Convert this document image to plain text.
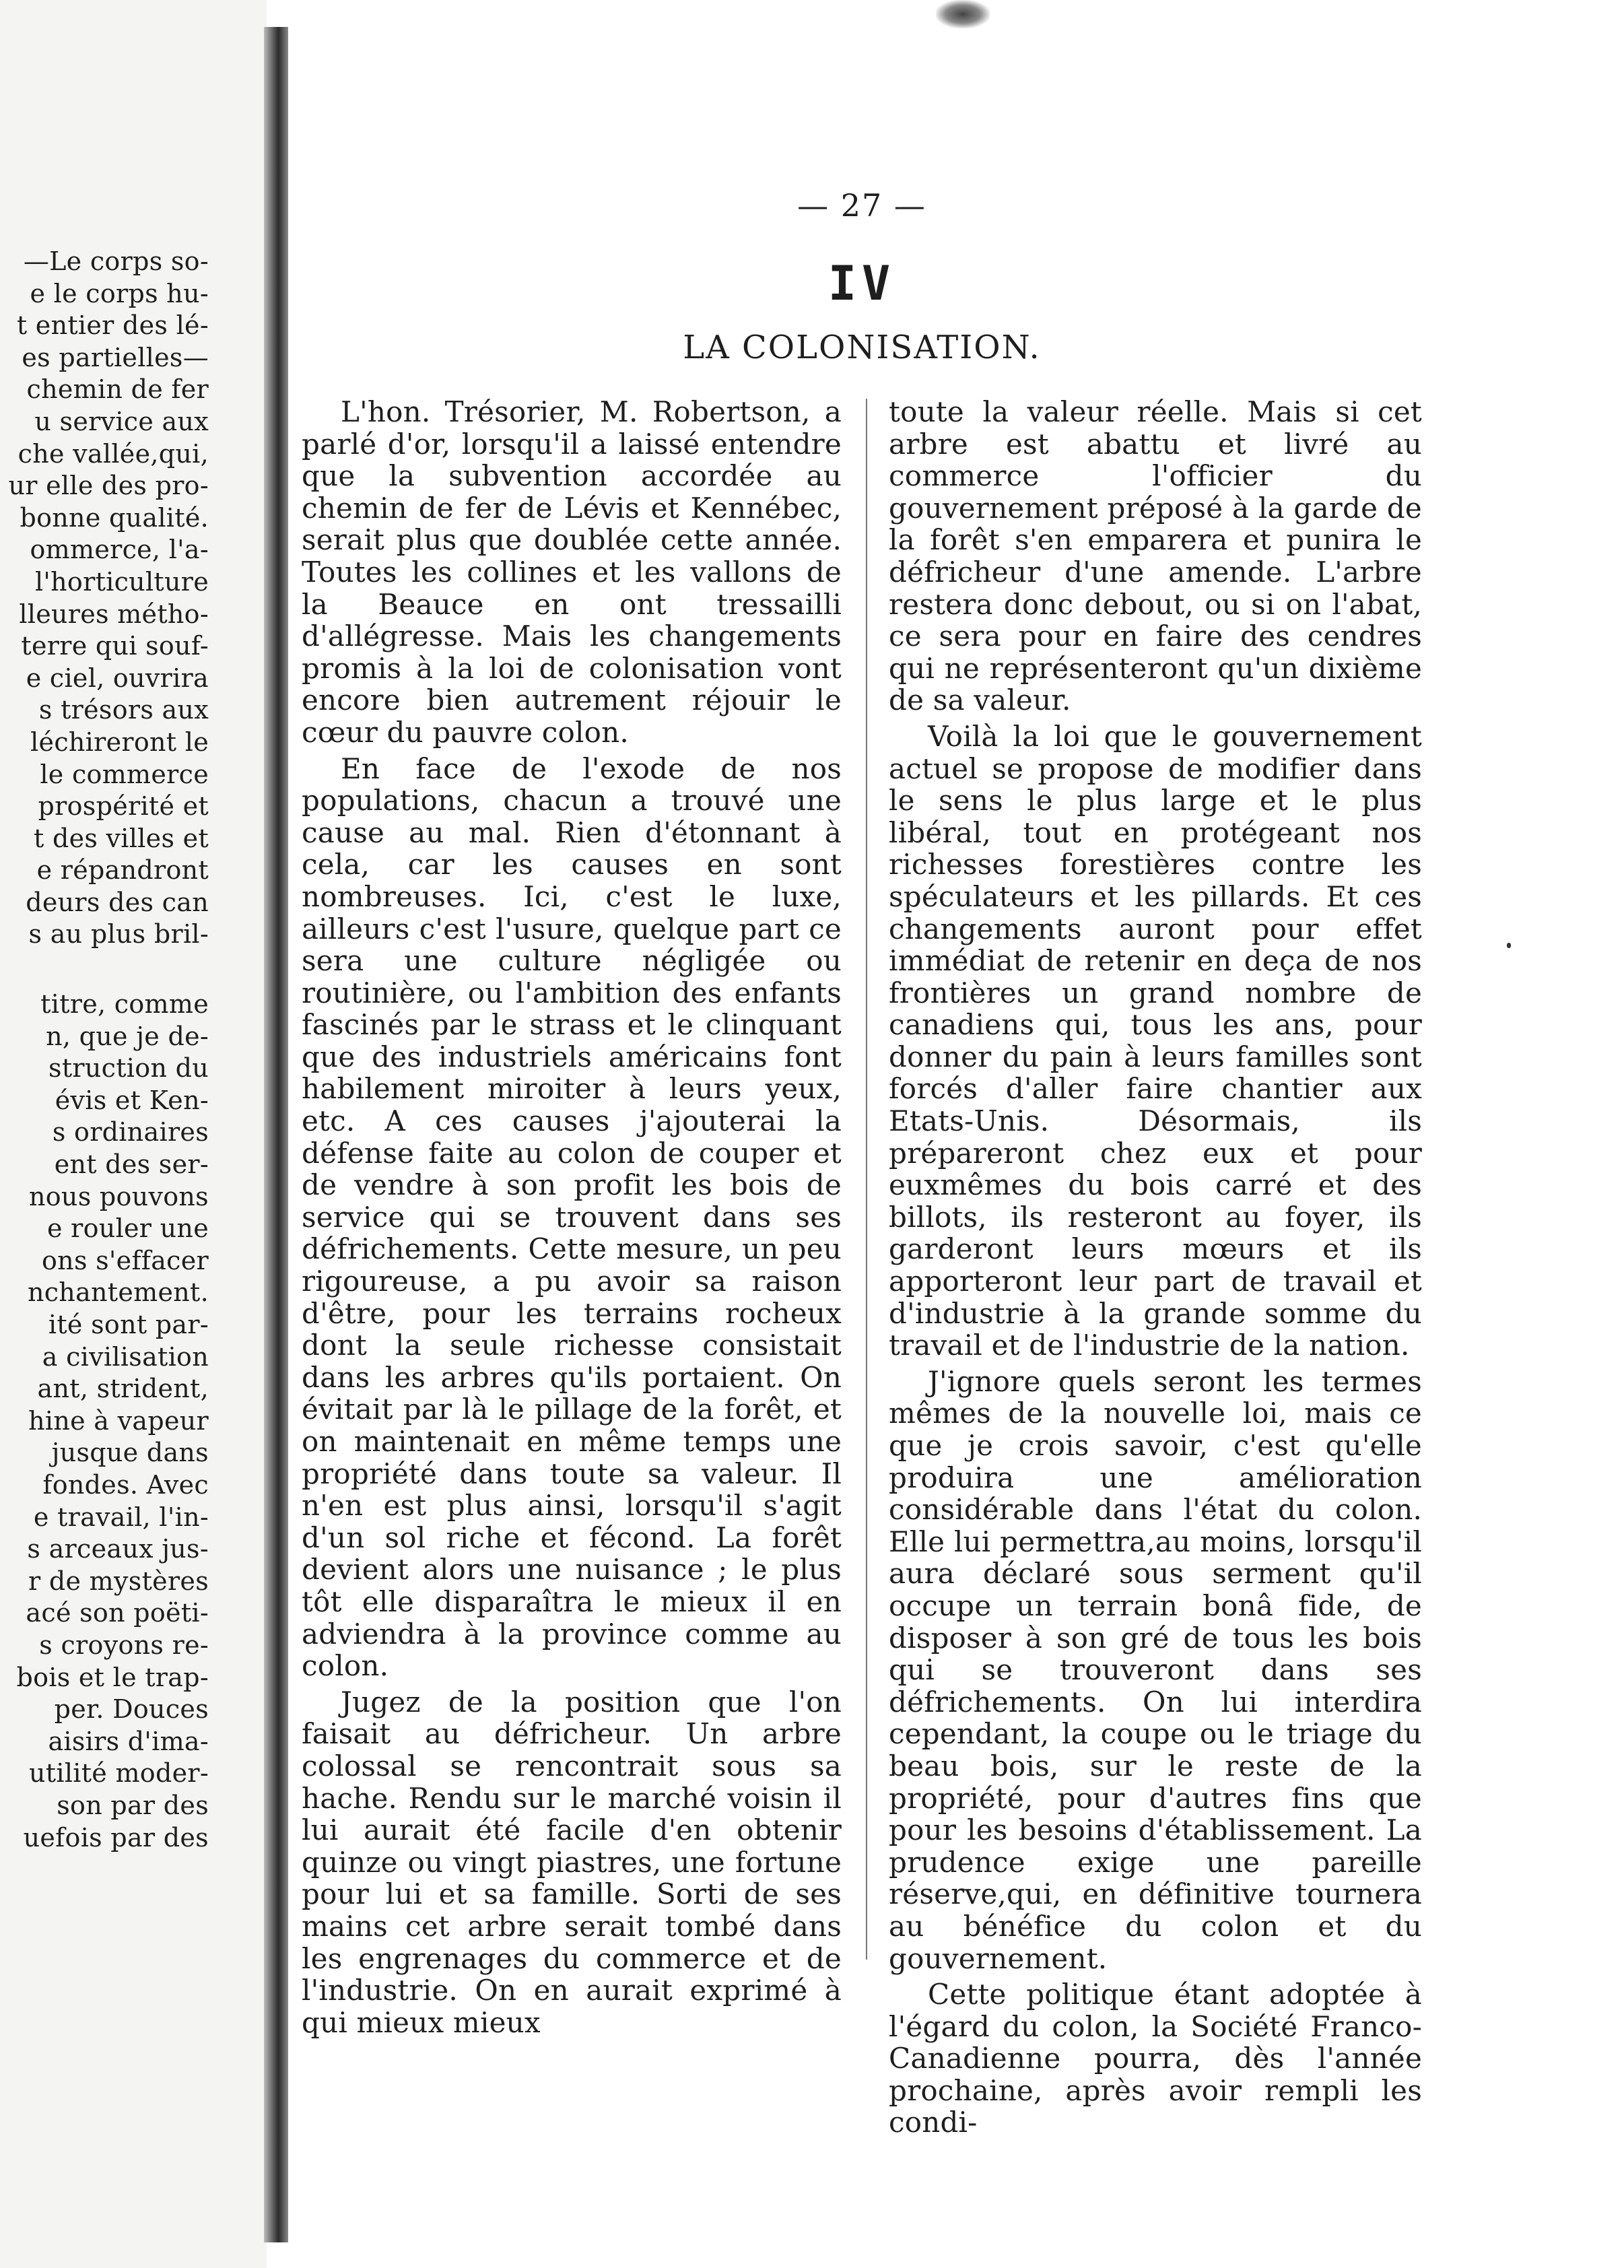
—Le corps so-
e le corps hu-
t entier des lé-
es partielles—
chemin de fer
u service aux
che vallée,qui,
ur elle des pro-
bonne qualité.
ommerce, l'a-
l'horticulture
lleures métho-
terre qui souf-
e ciel, ouvrira
s trésors aux
léchireront le
le commerce
prospérité et
t des villes et
e répandront
deurs des can
s au plus bril-
titre, comme
n, que je de-
struction du
évis et Ken-
s ordinaires
ent des ser-
nous pouvons
e rouler une
ons s'effacer
nchantement.
ité sont par-
a civilisation
ant, strident,
hine à vapeur
jusque dans
fondes. Avec
e travail, l'in-
s arceaux jus-
r de mystères
acé son poëti-
s croyons re-
bois et le trap-
per. Douces
aisirs d'ima-
utilité moder-
son par des
uefois par des
— 27 —
IV
LA COLONISATION.

L'hon. Trésorier, M. Robertson, a parlé d'or, lorsqu'il a laissé entendre que la subvention accordée au chemin de fer de Lévis et Kennébec, serait plus que doublée cette année. Toutes les collines et les vallons de la Beauce en ont tressailli d'allégresse. Mais les changements promis à la loi de colonisation vont encore bien autrement réjouir le cœur du pauvre colon.

En face de l'exode de nos populations, chacun a trouvé une cause au mal. Rien d'étonnant à cela, car les causes en sont nombreuses. Ici, c'est le luxe, ailleurs c'est l'usure, quelque part ce sera une culture négligée ou routinière, ou l'ambition des enfants fascinés par le strass et le clinquant que des industriels américains font habilement miroiter à leurs yeux, etc. A ces causes j'ajouterai la défense faite au colon de couper et de vendre à son profit les bois de service qui se trouvent dans ses défrichements. Cette mesure, un peu rigoureuse, a pu avoir sa raison d'être, pour les terrains rocheux dont la seule richesse consistait dans les arbres qu'ils portaient. On évitait par là le pillage de la forêt, et on maintenait en même temps une propriété dans toute sa valeur. Il n'en est plus ainsi, lorsqu'il s'agit d'un sol riche et fécond. La forêt devient alors une nuisance ; le plus tôt elle disparaîtra le mieux il en adviendra à la province comme au colon.

Jugez de la position que l'on faisait au défricheur. Un arbre colossal se rencontrait sous sa hache. Rendu sur le marché voisin il lui aurait été facile d'en obtenir quinze ou vingt piastres, une fortune pour lui et sa famille. Sorti de ses mains cet arbre serait tombé dans les engrenages du commerce et de l'industrie. On en aurait exprimé à qui mieux mieux

toute la valeur réelle. Mais si cet arbre est abattu et livré au commerce l'officier du gouvernement préposé à la garde de la forêt s'en emparera et punira le défricheur d'une amende. L'arbre restera donc debout, ou si on l'abat, ce sera pour en faire des cendres qui ne représenteront qu'un dixième de sa valeur.

Voilà la loi que le gouvernement actuel se propose de modifier dans le sens le plus large et le plus libéral, tout en protégeant nos richesses forestières contre les spéculateurs et les pillards. Et ces changements auront pour effet immédiat de retenir en deça de nos frontières un grand nombre de canadiens qui, tous les ans, pour donner du pain à leurs familles sont forcés d'aller faire chantier aux Etats-Unis. Désormais, ils prépareront chez eux et pour euxmêmes du bois carré et des billots, ils resteront au foyer, ils garderont leurs mœurs et ils apporteront leur part de travail et d'industrie à la grande somme du travail et de l'industrie de la nation.

J'ignore quels seront les termes mêmes de la nouvelle loi, mais ce que je crois savoir, c'est qu'elle produira une amélioration considérable dans l'état du colon. Elle lui permettra,au moins, lorsqu'il aura déclaré sous serment qu'il occupe un terrain bonâ fide, de disposer à son gré de tous les bois qui se trouveront dans ses défrichements. On lui interdira cependant, la coupe ou le triage du beau bois, sur le reste de la propriété, pour d'autres fins que pour les besoins d'établissement. La prudence exige une pareille réserve,qui, en définitive tournera au bénéfice du colon et du gouvernement.

Cette politique étant adoptée à l'égard du colon, la Société Franco-Canadienne pourra, dès l'année prochaine, après avoir rempli les condi-
